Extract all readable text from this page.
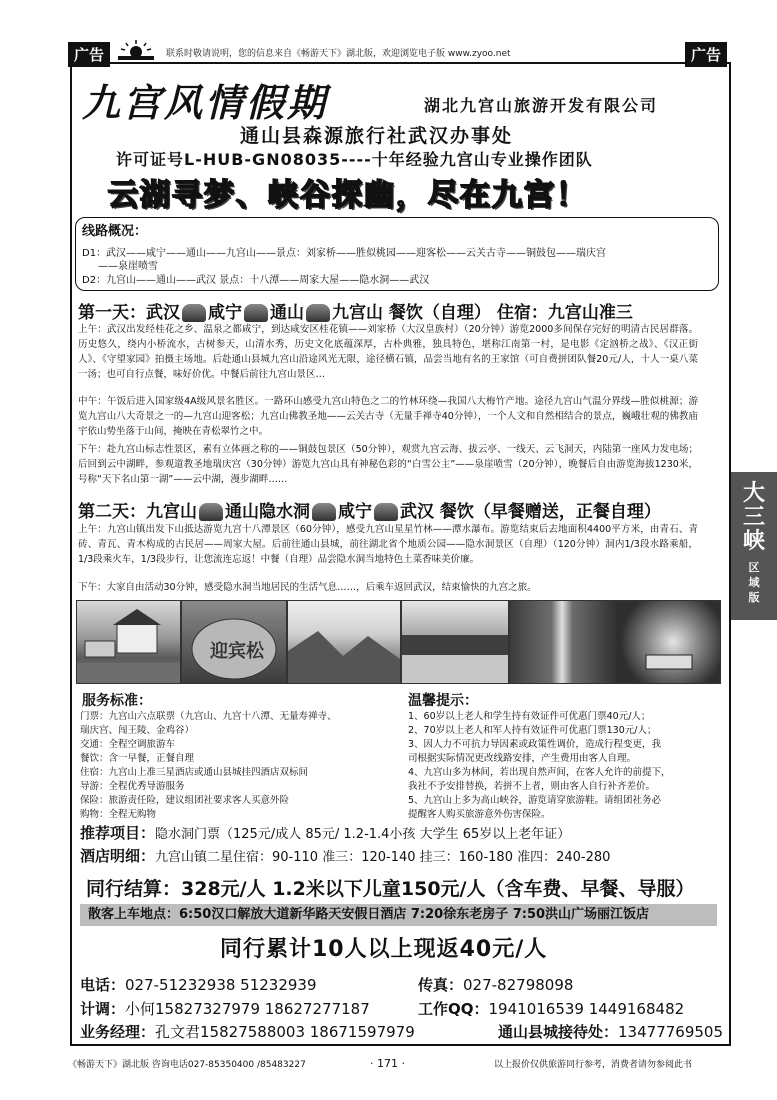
广告	联系时敬请说明，您的信息来自《畅游天下》湖北版，欢迎浏览电子版 www.zyoo.net	广告
九宫风情假期	湖北九宫山旅游开发有限公司
通山县森源旅行社武汉办事处
许可证号L-HUB-GN08035----十年经验九宫山专业操作团队
云湖寻梦、峡谷探幽，尽在九宫！
线路概况：
D1：武汉——咸宁——通山——九宫山——景点：刘家桥——胜似桃园——迎客松——云关古寺——铜鼓包——瑞庆宫
——泉崖喷雪
D2：九宫山——通山——武汉 景点：十八潭——周家大屋——隐水洞——武汉
第一天：武汉 咸宁 通山 九宫山 餐饮（自理） 住宿：九宫山准三
上午：武汉出发经桂花之乡、温泉之都咸宁，到达咸安区桂花镇——刘家桥（大汉皇族村）（20分钟）游览2000多间保存完好的明清古民居群落。历史悠久，绕内小桥流水，古树参天，山清水秀，历史文化底蕴深厚，古朴典雅，独具特色，堪称江南第一村，是电影《定汹桥之战》、《汉正街人》、《守望家园》拍摄主场地。后赴通山县城九宫山沿途风光无限，途径横石镇，品尝当地有名的王家馆（可自费拼团队餐20元/人，十人一桌八菜一汤；也可自行点餐，味好价优。中餐后前往九宫山景区…
中午：午饭后进入国家级4A级风景名胜区。一路环山感受九宫山特色之二的竹林环绕—我国八大梅竹产地。途径九宫山气温分界线—胜似桃源；游览九宫山八大奇景之一的—九宫山迎客松；九宫山佛教圣地——云关古寺（无量手禅寺40分钟），一个人文和自然相结合的景点，巍峨壮观的佛教庙宇依山势坐落于山间，掩映在青松翠竹之中。
下午：赴九宫山标志性景区，素有立体画之称的——铜鼓包景区（50分钟），观赏九宫云海、拔云亭、一线天、云飞洞天，内陆第一座风力发电场；后回到云中湖畔，参观道教圣地瑞庆宫（30分钟）游览九宫山具有神秘色彩的“白雪公主”——泉崖喷雪（20分钟），晚餐后自由游览海拔1230米，号称“天下名山第一湖”——云中湖，漫步湖畔……
第二天：九宫山 通山隐水洞 咸宁 武汉 餐饮（早餐赠送，正餐自理）
上午：九宫山镇出发下山抵达游览九宫十八潭景区（60分钟），感受九宫山星星竹林——潭水瀑布。游览结束后去地面积4400平方米，由青石、青砖、青瓦、青木构成的古民居——周家大屋。后前往通山县城，前往湖北省个地质公园——隐水洞景区（自理）（120分钟）洞内1/3段水路乘船，1/3段乘火车，1/3段步行，让您流连忘返！中餐（自理）品尝隐水洞当地特色土菜香味美价廉。
下午：大家自由活动30分钟，感受隐水洞当地居民的生活气息……，后乘车返回武汉，结束愉快的九宫之旅。
迎宾松
服务标准：
门票：九宫山六点联票（九宫山、九宫十八潭、无量寿禅寺、
瑞庆宫、闯王陵、金鸡谷）
交通：全程空调旅游车
餐饮：含一早餐，正餐自理
住宿：九宫山上准三星酒店或通山县城挂四酒店双标间
导游：全程优秀导游服务
保险：旅游责任险，建议组团社要求客人买意外险
购物：全程无购物
温馨提示：
1、60岁以上老人和学生持有效证件可优惠门票40元/人；
2、70岁以上老人和军人持有效证件可优惠门票130元/人；
3、因人力不可抗力导因素或政策性调价，造成行程变更，我
司根据实际情况更改线路安排，产生费用由客人自理。
4、九宫山多为林间，若出现自然声间，在客人允许的前提下，
我社不予安排替换，若拼不上者，则由客人自行补齐差价。
5、九宫山上多为高山峡谷，游览请穿旅游鞋。请组团社务必
提醒客人购买旅游意外伤害保险。
推荐项目：隐水洞门票（125元/成人 85元/ 1.2-1.4小孩 大学生 65岁以上老年证）
酒店明细：九宫山镇二星住宿：90-110 准三：120-140 挂三：160-180 准四：240-280
同行结算：328元/人 1.2米以下儿童150元/人（含车费、早餐、导服）
散客上车地点：6:50汉口解放大道新华路天安假日酒店 7:20徐东老房子 7:50洪山广场丽江饭店
同行累计10人以上现返40元/人
电话：027-51232938 51232939	传真：027-82798098
计调：小何15827327979 18627277187	工作QQ：1941016539 1449168482
业务经理：孔文君15827588003 18671597979	通山县城接待处：13477769505
大三峡
区域版
《畅游天下》湖北版 咨询电话027-85350400 /85483227	· 171 ·	以上报价仅供旅游同行参考，消费者请勿参阅此书
